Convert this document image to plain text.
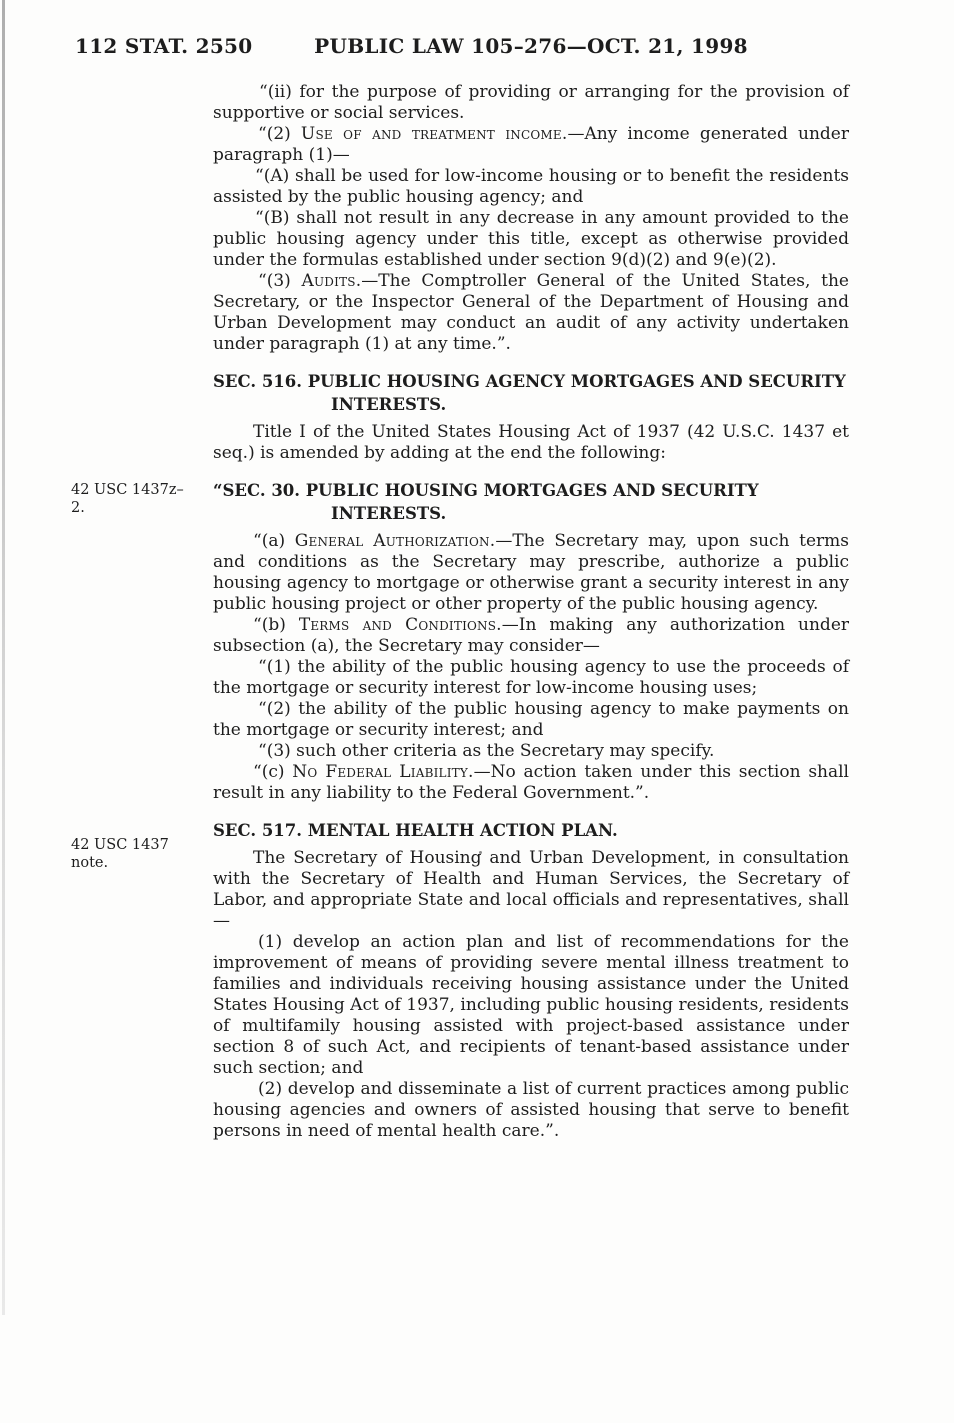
112 STAT. 2550	PUBLIC LAW 105–276—OCT. 21, 1998
42 USC 1437z–2.
42 USC 1437 note.

“(ii) for the purpose of providing or arranging for the provision of supportive or social services.

“(2) Use of and treatment income.—Any income generated under paragraph (1)—

“(A) shall be used for low-income housing or to benefit the residents assisted by the public housing agency; and

“(B) shall not result in any decrease in any amount provided to the public housing agency under this title, except as otherwise provided under the formulas established under section 9(d)(2) and 9(e)(2).

“(3) Audits.—The Comptroller General of the United States, the Secretary, or the Inspector General of the Department of Housing and Urban Development may conduct an audit of any activity undertaken under paragraph (1) at any time.”.

SEC. 516. PUBLIC HOUSING AGENCY MORTGAGES AND SECURITY INTERESTS.

Title I of the United States Housing Act of 1937 (42 U.S.C. 1437 et seq.) is amended by adding at the end the following:

“SEC. 30. PUBLIC HOUSING MORTGAGES AND SECURITY INTERESTS.

“(a) General Authorization.—The Secretary may, upon such terms and conditions as the Secretary may prescribe, authorize a public housing agency to mortgage or otherwise grant a security interest in any public housing project or other property of the public housing agency.

“(b) Terms and Conditions.—In making any authorization under subsection (a), the Secretary may consider—

“(1) the ability of the public housing agency to use the proceeds of the mortgage or security interest for low-income housing uses;

“(2) the ability of the public housing agency to make payments on the mortgage or security interest; and

“(3) such other criteria as the Secretary may specify.

“(c) No Federal Liability.—No action taken under this section shall result in any liability to the Federal Government.”.

SEC. 517. MENTAL HEALTH ACTION PLAN.

The Secretary of Housing and Urban Development, in consultation with the Secretary of Health and Human Services, the Secretary of Labor, and appropriate State and local officials and representatives, shall—

(1) develop an action plan and list of recommendations for the improvement of means of providing severe mental illness treatment to families and individuals receiving housing assistance under the United States Housing Act of 1937, including public housing residents, residents of multifamily housing assisted with project-based assistance under section 8 of such Act, and recipients of tenant-based assistance under such section; and

(2) develop and disseminate a list of current practices among public housing agencies and owners of assisted housing that serve to benefit persons in need of mental health care.”.
